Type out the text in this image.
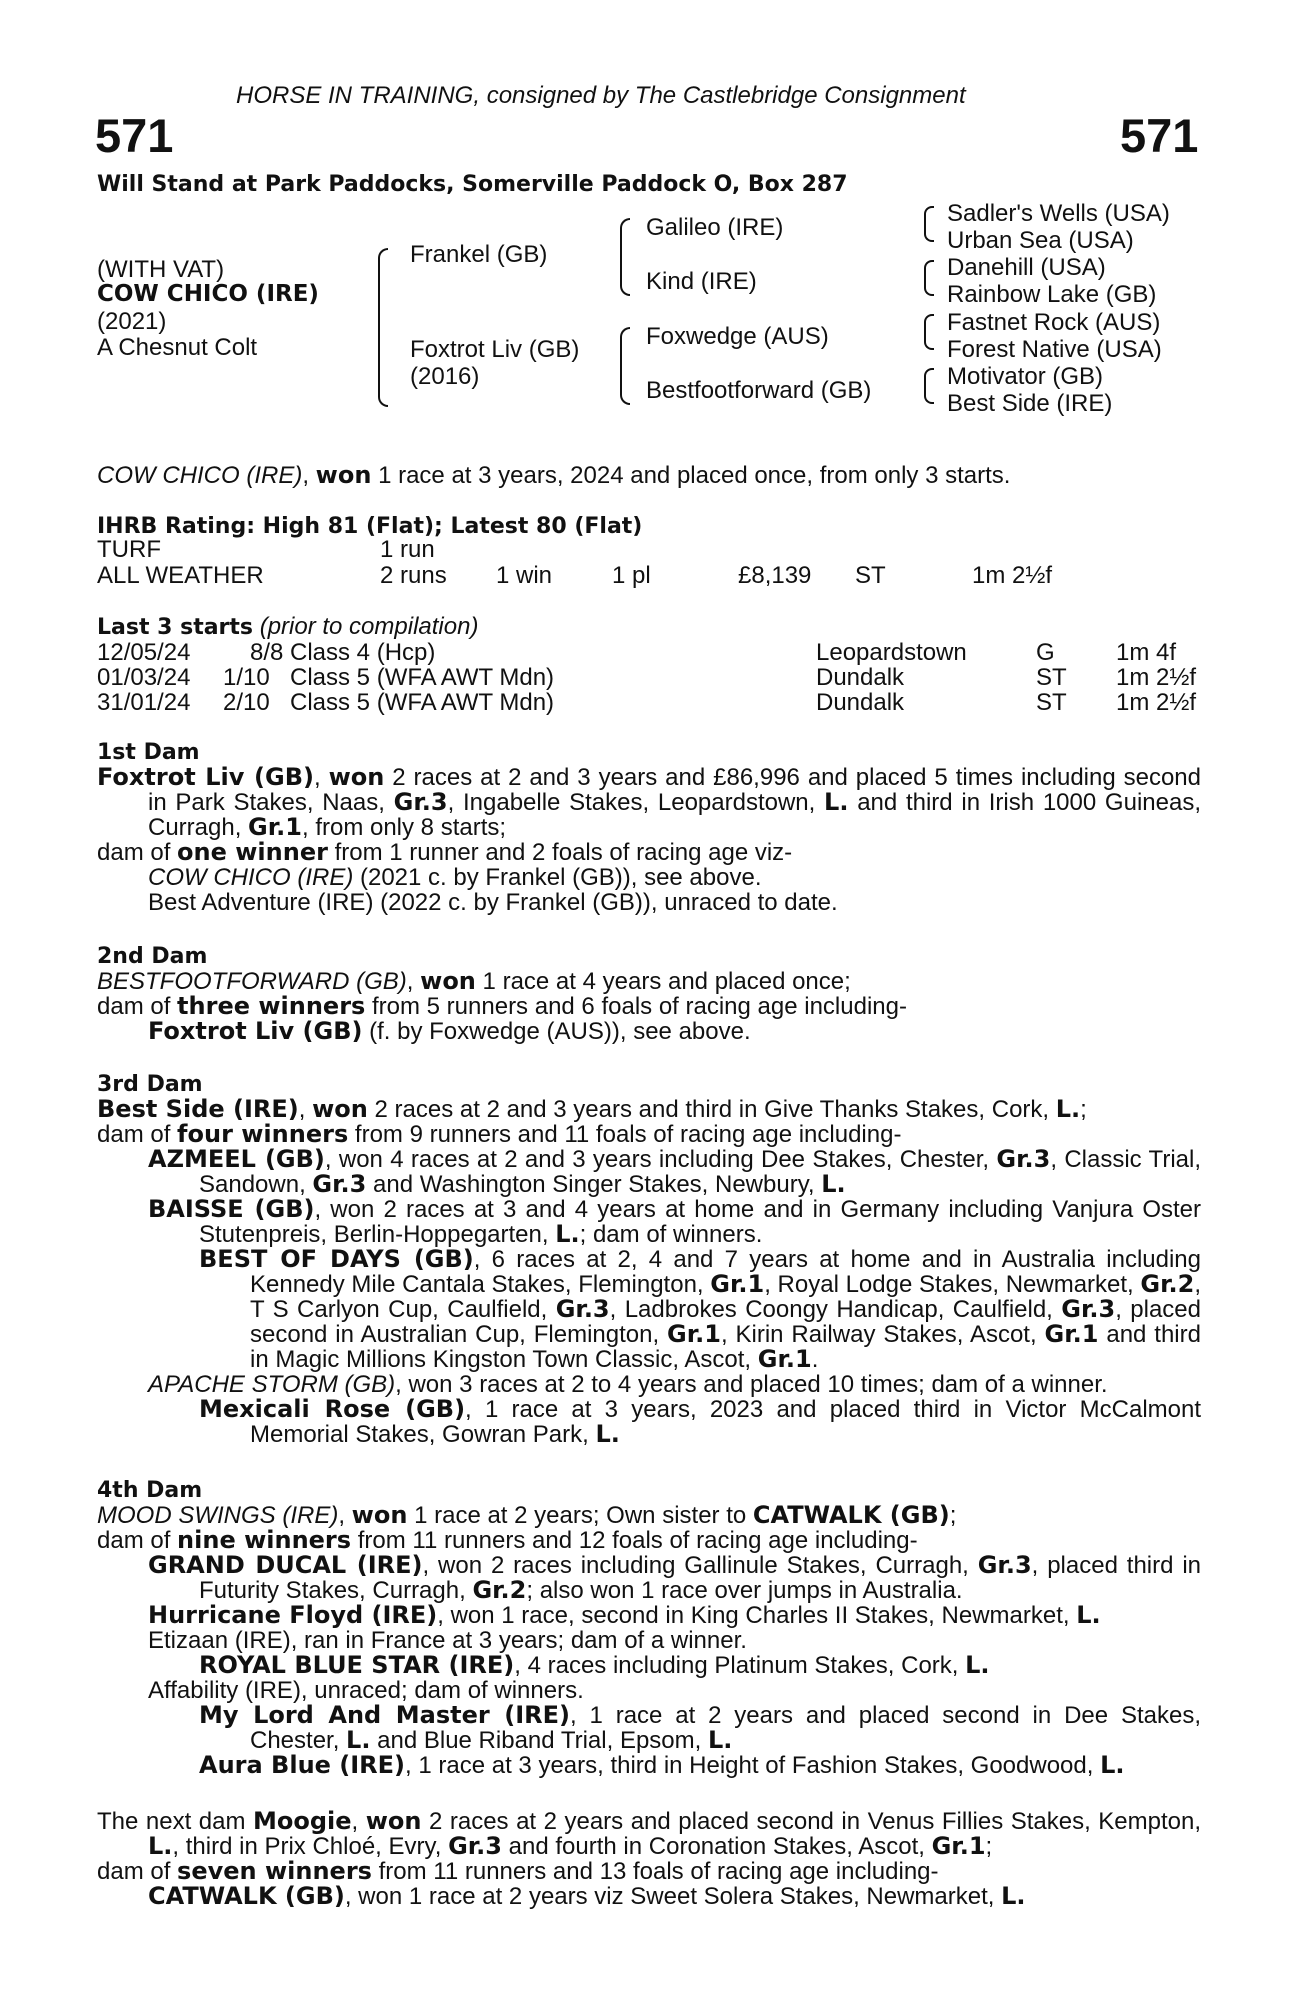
HORSE IN TRAINING, consigned by The Castlebridge Consignment
571	571
Will Stand at Park Paddocks, Somerville Paddock O, Box 287
(WITH VAT)
COW CHICO (IRE)
(2021)
A Chesnut Colt
Frankel (GB)
Foxtrot Liv (GB)
(2016)
Galileo (IRE)
Kind (IRE)
Foxwedge (AUS)
Bestfootforward (GB)
Sadler's Wells (USA)
Urban Sea (USA)
Danehill (USA)
Rainbow Lake (GB)
Fastnet Rock (AUS)
Forest Native (USA)
Motivator (GB)
Best Side (IRE)
COW CHICO (IRE), won 1 race at 3 years, 2024 and placed once, from only 3 starts.
IHRB Rating: High 81 (Flat); Latest 80 (Flat)
TURF	1 run
ALL WEATHER	2 runs 1 win 1 pl	£8,139 ST	1m 2½f
Last 3 starts (prior to compilation)
12/05/24 8/8 Class 4 (Hcp)	Leopardstown	G	1m 4f
01/03/24 1/10 Class 5 (WFA AWT Mdn)	Dundalk	ST 1m 2½f
31/01/24 2/10 Class 5 (WFA AWT Mdn)	Dundalk	ST 1m 2½f
1st Dam

Foxtrot Liv (GB), won 2 races at 2 and 3 years and £86,996 and placed 5 times including second in Park Stakes, Naas, Gr.3, Ingabelle Stakes, Leopardstown, L. and third in Irish 1000 Guineas, Curragh, Gr.1, from only 8 starts;

dam of one winner from 1 runner and 2 foals of racing age viz-

COW CHICO (IRE) (2021 c. by Frankel (GB)), see above.

Best Adventure (IRE) (2022 c. by Frankel (GB)), unraced to date.

2nd Dam

BESTFOOTFORWARD (GB), won 1 race at 4 years and placed once;

dam of three winners from 5 runners and 6 foals of racing age including-

Foxtrot Liv (GB) (f. by Foxwedge (AUS)), see above.

3rd Dam

Best Side (IRE), won 2 races at 2 and 3 years and third in Give Thanks Stakes, Cork, L.;

dam of four winners from 9 runners and 11 foals of racing age including-

AZMEEL (GB), won 4 races at 2 and 3 years including Dee Stakes, Chester, Gr.3, Classic Trial, Sandown, Gr.3 and Washington Singer Stakes, Newbury, L.

BAISSE (GB), won 2 races at 3 and 4 years at home and in Germany including Vanjura Oster Stutenpreis, Berlin-Hoppegarten, L.; dam of winners.

BEST OF DAYS (GB), 6 races at 2, 4 and 7 years at home and in Australia including Kennedy Mile Cantala Stakes, Flemington, Gr.1, Royal Lodge Stakes, Newmarket, Gr.2, T S Carlyon Cup, Caulfield, Gr.3, Ladbrokes Coongy Handicap, Caulfield, Gr.3, placed second in Australian Cup, Flemington, Gr.1, Kirin Railway Stakes, Ascot, Gr.1 and third in Magic Millions Kingston Town Classic, Ascot, Gr.1.

APACHE STORM (GB), won 3 races at 2 to 4 years and placed 10 times; dam of a winner.

Mexicali Rose (GB), 1 race at 3 years, 2023 and placed third in Victor McCalmont Memorial Stakes, Gowran Park, L.

4th Dam

MOOD SWINGS (IRE), won 1 race at 2 years; Own sister to CATWALK (GB);

dam of nine winners from 11 runners and 12 foals of racing age including-

GRAND DUCAL (IRE), won 2 races including Gallinule Stakes, Curragh, Gr.3, placed third in Futurity Stakes, Curragh, Gr.2; also won 1 race over jumps in Australia.

Hurricane Floyd (IRE), won 1 race, second in King Charles II Stakes, Newmarket, L.

Etizaan (IRE), ran in France at 3 years; dam of a winner.

ROYAL BLUE STAR (IRE), 4 races including Platinum Stakes, Cork, L.

Affability (IRE), unraced; dam of winners.

My Lord And Master (IRE), 1 race at 2 years and placed second in Dee Stakes, Chester, L. and Blue Riband Trial, Epsom, L.

Aura Blue (IRE), 1 race at 3 years, third in Height of Fashion Stakes, Goodwood, L.

The next dam Moogie, won 2 races at 2 years and placed second in Venus Fillies Stakes, Kempton, L., third in Prix Chloé, Evry, Gr.3 and fourth in Coronation Stakes, Ascot, Gr.1;

dam of seven winners from 11 runners and 13 foals of racing age including-

CATWALK (GB), won 1 race at 2 years viz Sweet Solera Stakes, Newmarket, L.
